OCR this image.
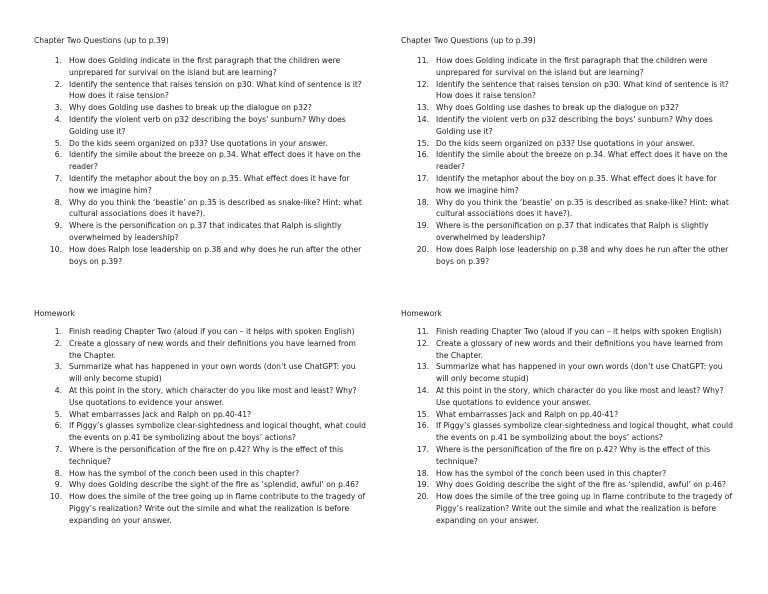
Chapter Two Questions (up to p.39)

1. How does Golding indicate in the first paragraph that the children were unprepared for survival on the island but are learning?
2. Identify the sentence that raises tension on p30. What kind of sentence is it? How does it raise tension?
3. Why does Golding use dashes to break up the dialogue on p32?
4. Identify the violent verb on p32 describing the boys’ sunburn? Why does Golding use it?
5. Do the kids seem organized on p33? Use quotations in your answer.
6. Identify the simile about the breeze on p.34. What effect does it have on the reader?
7. Identify the metaphor about the boy on p.35. What effect does it have for how we imagine him?
8. Why do you think the ‘beastie’ on p.35 is described as snake-like? Hint: what cultural associations does it have?).
9. Where is the personification on p.37 that indicates that Ralph is slightly overwhelmed by leadership?
10. How does Ralph lose leadership on p.38 and why does he run after the other boys on p.39?

Homework

1. Finish reading Chapter Two (aloud if you can – it helps with spoken English)
2. Create a glossary of new words and their definitions you have learned from the Chapter.
3. Summarize what has happened in your own words (don’t use ChatGPT: you will only become stupid)
4. At this point in the story, which character do you like most and least? Why? Use quotations to evidence your answer.
5. What embarrasses Jack and Ralph on pp.40-41?
6. If Piggy’s glasses symbolize clear-sightedness and logical thought, what could the events on p.41 be symbolizing about the boys’ actions?
7. Where is the personification of the fire on p.42? Why is the effect of this technique?
8. How has the symbol of the conch been used in this chapter?
9. Why does Golding describe the sight of the fire as ‘splendid, awful’ on p.46?
10. How does the simile of the tree going up in flame contribute to the tragedy of Piggy’s realization? Write out the simile and what the realization is before expanding on your answer.

Chapter Two Questions (up to p.39)

11. How does Golding indicate in the first paragraph that the children were unprepared for survival on the island but are learning?
12. Identify the sentence that raises tension on p30. What kind of sentence is it? How does it raise tension?
13. Why does Golding use dashes to break up the dialogue on p32?
14. Identify the violent verb on p32 describing the boys’ sunburn? Why does Golding use it?
15. Do the kids seem organized on p33? Use quotations in your answer.
16. Identify the simile about the breeze on p.34. What effect does it have on the reader?
17. Identify the metaphor about the boy on p.35. What effect does it have for how we imagine him?
18. Why do you think the ‘beastie’ on p.35 is described as snake-like? Hint: what cultural associations does it have?).
19. Where is the personification on p.37 that indicates that Ralph is slightly overwhelmed by leadership?
20. How does Ralph lose leadership on p.38 and why does he run after the other boys on p.39?

Homework

11. Finish reading Chapter Two (aloud if you can – it helps with spoken English)
12. Create a glossary of new words and their definitions you have learned from the Chapter.
13. Summarize what has happened in your own words (don’t use ChatGPT: you will only become stupid)
14. At this point in the story, which character do you like most and least? Why? Use quotations to evidence your answer.
15. What embarrasses Jack and Ralph on pp.40-41?
16. If Piggy’s glasses symbolize clear-sightedness and logical thought, what could the events on p.41 be symbolizing about the boys’ actions?
17. Where is the personification of the fire on p.42? Why is the effect of this technique?
18. How has the symbol of the conch been used in this chapter?
19. Why does Golding describe the sight of the fire as ‘splendid, awful’ on p.46?
20. How does the simile of the tree going up in flame contribute to the tragedy of Piggy’s realization? Write out the simile and what the realization is before expanding on your answer.
